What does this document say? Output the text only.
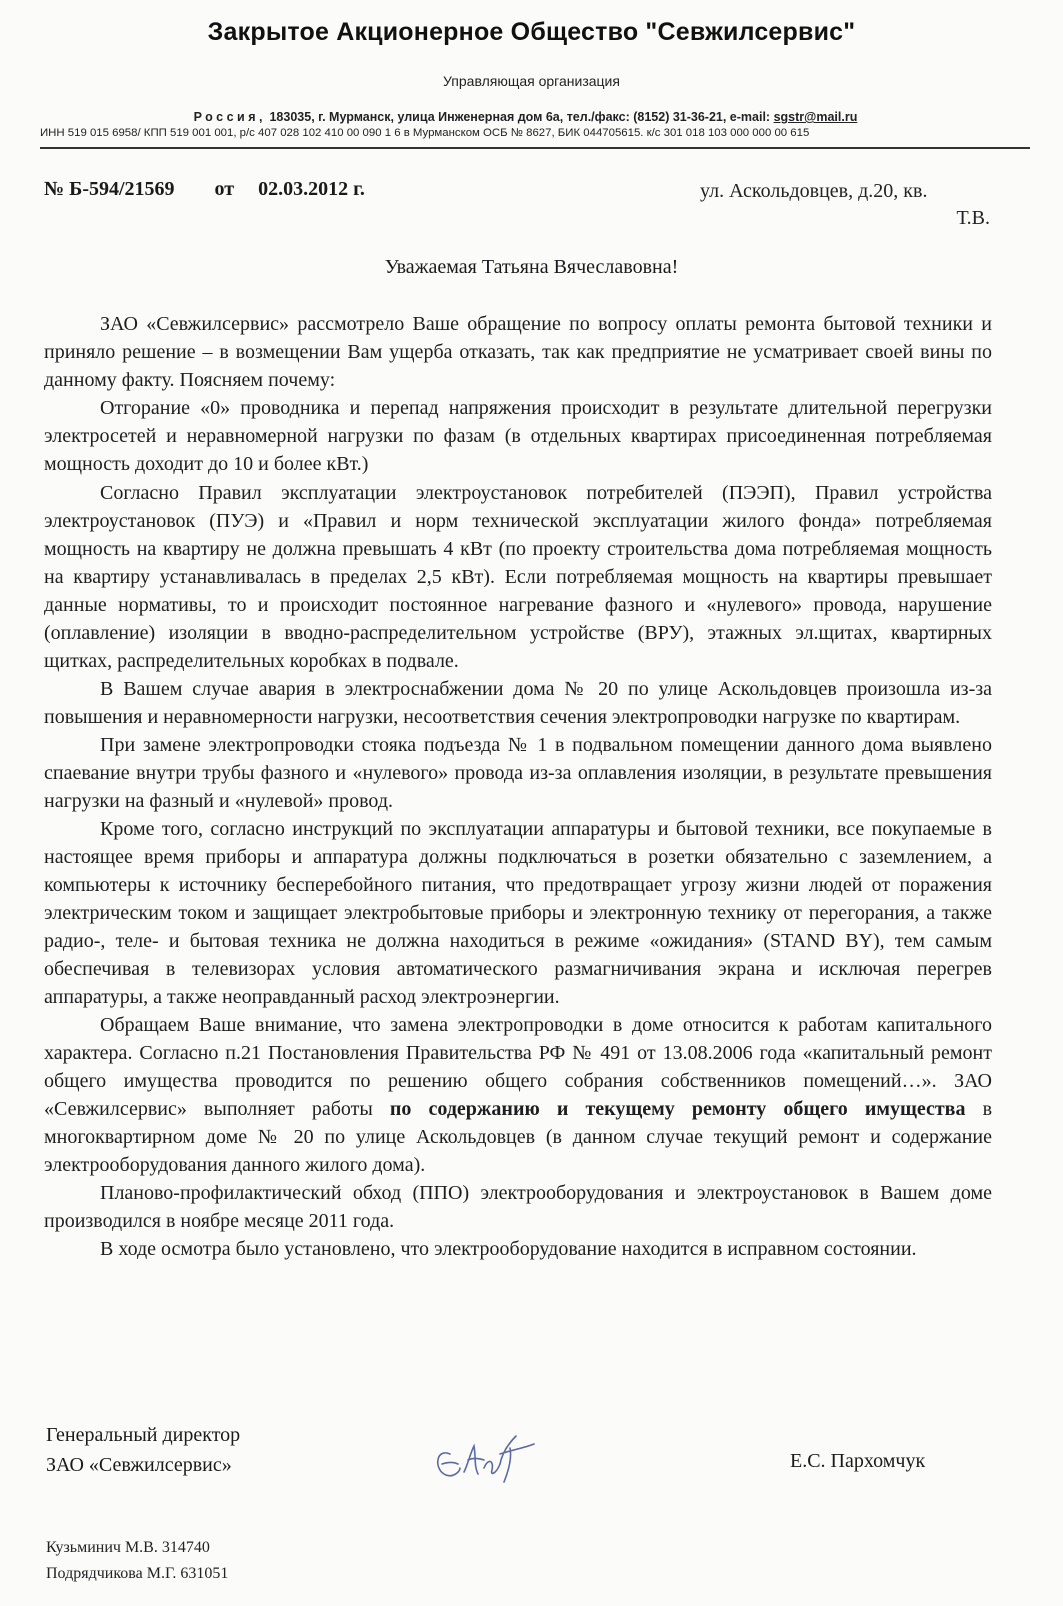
Закрытое Акционерное Общество "Севжилсервис"
Управляющая организация
Россия, 183035, г. Мурманск, улица Инженерная дом 6а, тел./факс: (8152) 31-36-21, e-mail: sgstr@mail.ru
ИНН 519 015 6958/ КПП 519 001 001, р/с 407 028 102 410 00 090 1 6 в Мурманском ОСБ № 8627, БИК 044705615. к/с 301 018 103 000 000 00 615
№ Б-594/21569 от 02.03.2012 г.	ул. Аскольдовцев, д.20, кв.
Т.В.
Уважаемая Татьяна Вячеславовна!

ЗАО «Севжилсервис» рассмотрело Ваше обращение по вопросу оплаты ремонта бытовой техники и приняло решение – в возмещении Вам ущерба отказать, так как предприятие не усматривает своей вины по данному факту. Поясняем почему:

Отгорание «0» проводника и перепад напряжения происходит в результате длительной перегрузки электросетей и неравномерной нагрузки по фазам (в отдельных квартирах присоединенная потребляемая мощность доходит до 10 и более кВт.)

Согласно Правил эксплуатации электроустановок потребителей (ПЭЭП), Правил устройства электроустановок (ПУЭ) и «Правил и норм технической эксплуатации жилого фонда» потребляемая мощность на квартиру не должна превышать 4 кВт (по проекту строительства дома потребляемая мощность на квартиру устанавливалась в пределах 2,5 кВт). Если потребляемая мощность на квартиры превышает данные нормативы, то и происходит постоянное нагревание фазного и «нулевого» провода, нарушение (оплавление) изоляции в вводно-распределительном устройстве (ВРУ), этажных эл.щитах, квартирных щитках, распределительных коробках в подвале.

В Вашем случае авария в электроснабжении дома № 20 по улице Аскольдовцев произошла из-за повышения и неравномерности нагрузки, несоответствия сечения электропроводки нагрузке по квартирам.

При замене электропроводки стояка подъезда № 1 в подвальном помещении данного дома выявлено спаевание внутри трубы фазного и «нулевого» провода из-за оплавления изоляции, в результате превышения нагрузки на фазный и «нулевой» провод.

Кроме того, согласно инструкций по эксплуатации аппаратуры и бытовой техники, все покупаемые в настоящее время приборы и аппаратура должны подключаться в розетки обязательно с заземлением, а компьютеры к источнику бесперебойного питания, что предотвращает угрозу жизни людей от поражения электрическим током и защищает электробытовые приборы и электронную технику от перегорания, а также радио-, теле- и бытовая техника не должна находиться в режиме «ожидания» (STAND BY), тем самым обеспечивая в телевизорах условия автоматического размагничивания экрана и исключая перегрев аппаратуры, а также неоправданный расход электроэнергии.

Обращаем Ваше внимание, что замена электропроводки в доме относится к работам капитального характера. Согласно п.21 Постановления Правительства РФ № 491 от 13.08.2006 года «капитальный ремонт общего имущества проводится по решению общего собрания собственников помещений…». ЗАО «Севжилсервис» выполняет работы по содержанию и текущему ремонту общего имущества в многоквартирном доме № 20 по улице Аскольдовцев (в данном случае текущий ремонт и содержание электрооборудования данного жилого дома).

Планово-профилактический обход (ППО) электрооборудования и электроустановок в Вашем доме производился в ноябре месяце 2011 года.

В ходе осмотра было установлено, что электрооборудование находится в исправном состоянии.

Генеральный директор
ЗАО «Севжилсервис»	Е.С. Пархомчук
Кузьминич М.В. 314740
Подрядчикова М.Г. 631051
